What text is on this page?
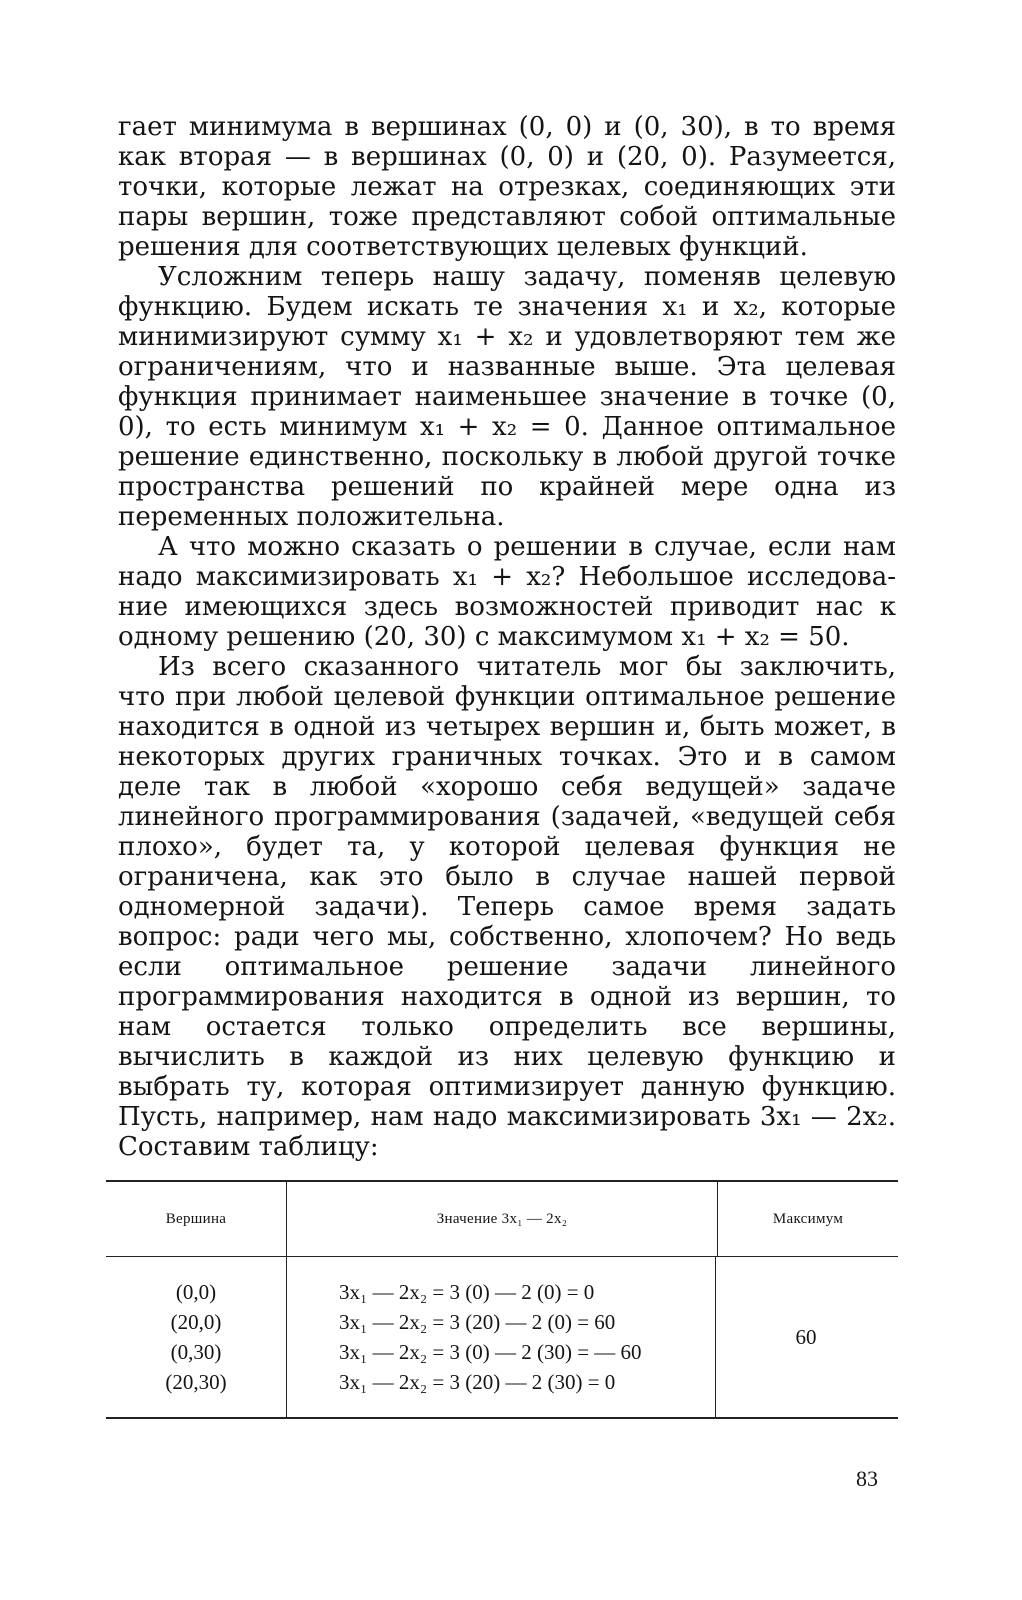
гает минимума в вершинах (0, 0) и (0, 30), в то время как вторая — в вершинах (0, 0) и (20, 0). Разумеется, точки, которые лежат на отрезках, соединяющих эти пары вершин, тоже представляют собой оптимальные решения для соответствующих целевых функций.

Усложним теперь нашу задачу, поменяв целевую функцию. Будем искать те значения x₁ и x₂, которые минимизируют сумму x₁ + x₂ и удовлетворяют тем же ограничениям, что и названные выше. Эта целевая функция принимает наименьшее значение в точке (0, 0), то есть минимум x₁ + x₂ = 0. Данное оптимальное решение единственно, поскольку в любой другой точке пространства решений по крайней мере одна из переменных положительна.

А что можно сказать о решении в случае, если нам надо максимизировать x₁ + x₂? Небольшое исследование имеющихся здесь возможностей приводит нас к одному решению (20, 30) с максимумом x₁ + x₂ = 50.

Из всего сказанного читатель мог бы заключить, что при любой целевой функции оптимальное решение находится в одной из четырех вершин и, быть может, в некоторых других граничных точках. Это и в самом деле так в любой «хорошо себя ведущей» задаче линейного программирования (задачей, «ведущей себя плохо», будет та, у которой целевая функция не ограничена, как это было в случае нашей первой одномерной задачи). Теперь самое время задать вопрос: ради чего мы, собственно, хлопочем? Но ведь если оптимальное решение задачи линейного программирования находится в одной из вершин, то нам остается только определить все вершины, вычислить в каждой из них целевую функцию и выбрать ту, которая оптимизирует данную функцию. Пусть, например, нам надо максимизировать 3x₁ — 2x₂. Составим таблицу:

Вершина	Значение 3x₁ — 2x₂	Максимум
(0,0)
(20,0)
(0,30)
(20,30)
3x₁ — 2x₂ = 3 (0) — 2 (0) = 0
3x₁ — 2x₂ = 3 (20) — 2 (0) = 60
3x₁ — 2x₂ = 3 (0) — 2 (30) = — 60
3x₁ — 2x₂ = 3 (20) — 2 (30) = 0
60
83
